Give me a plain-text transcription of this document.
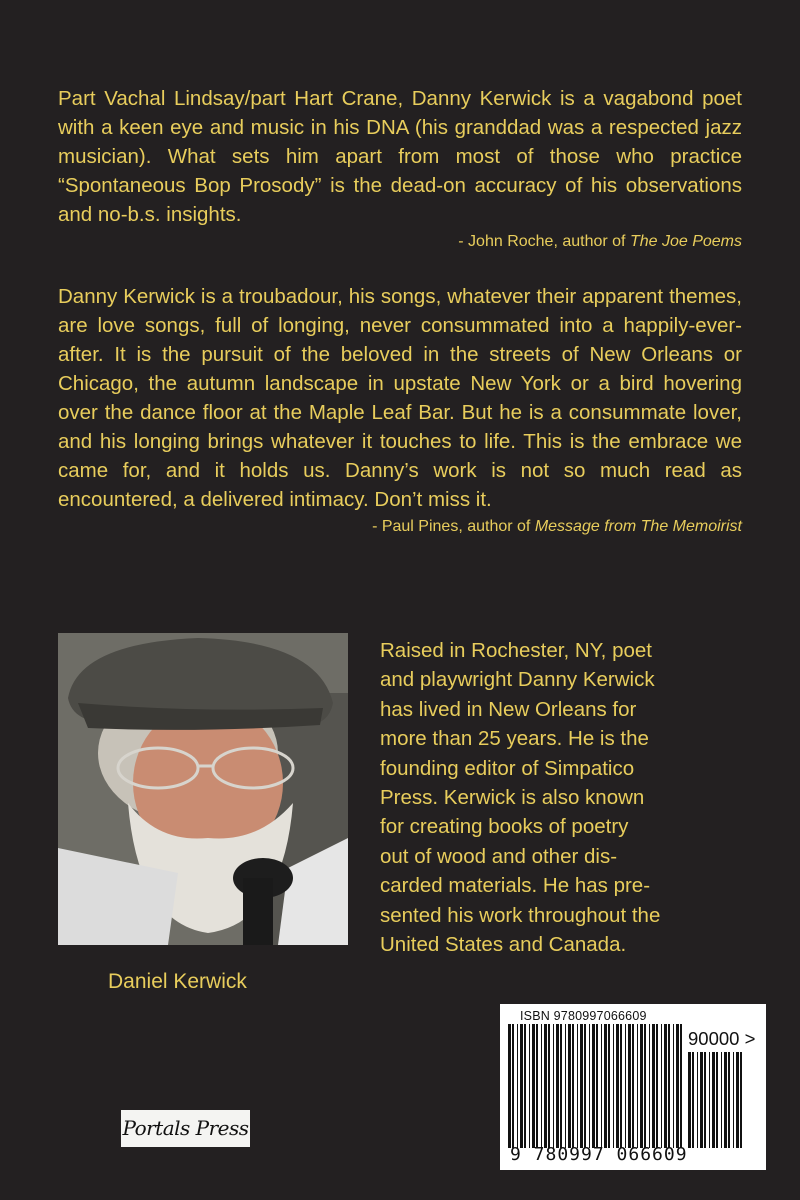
Part Vachal Lindsay/part Hart Crane, Danny Kerwick is a vagabond poet with a keen eye and music in his DNA (his granddad was a respected jazz musician). What sets him apart from most of those who practice “Spontaneous Bop Prosody” is the dead-on accuracy of his observations and no-b.s. insights.

- John Roche, author of The Joe Poems

Danny Kerwick is a troubadour, his songs, whatever their apparent themes, are love songs, full of longing, never consummated into a happily-ever-after. It is the pursuit of the beloved in the streets of New Orleans or Chicago, the autumn landscape in upstate New York or a bird hovering over the dance floor at the Maple Leaf Bar. But he is a consummate lover, and his longing brings whatever it touches to life. This is the embrace we came for, and it holds us. Danny’s work is not so much read as encountered, a delivered intimacy. Don’t miss it.

- Paul Pines, author of Message from The Memoirist
Daniel Kerwick

Raised in Rochester, NY, poet

and playwright Danny Kerwick

has lived in New Orleans for

more than 25 years. He is the

founding editor of Simpatico

Press. Kerwick is also known

for creating books of poetry

out of wood and other dis-

carded materials. He has pre-

sented his work throughout the

United States and Canada.

Portals Press
ISBN 9780997066609
90000 >
9 780997 066609
